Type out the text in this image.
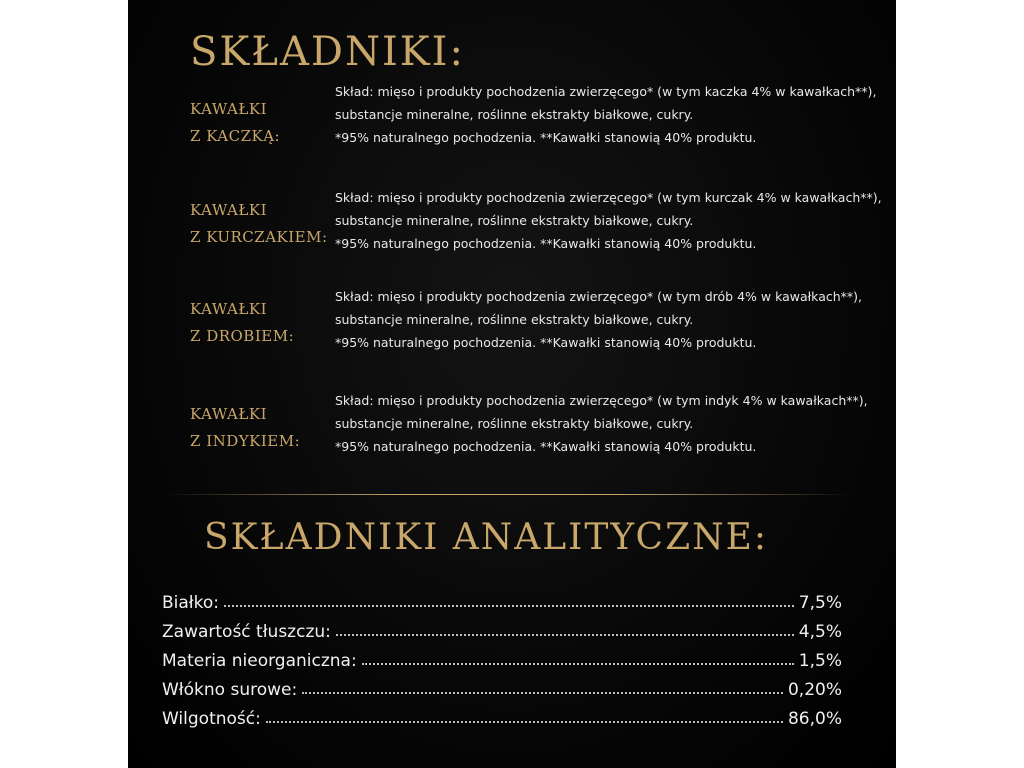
SKŁADNIKI:
KAWAŁKI
Z KACZKĄ:
Skład: mięso i produkty pochodzenia zwierzęcego* (w tym kaczka 4% w kawałkach**),
substancje mineralne, roślinne ekstrakty białkowe, cukry.
*95% naturalnego pochodzenia. **Kawałki stanowią 40% produktu.
KAWAŁKI
Z KURCZAKIEM:
Skład: mięso i produkty pochodzenia zwierzęcego* (w tym kurczak 4% w kawałkach**),
substancje mineralne, roślinne ekstrakty białkowe, cukry.
*95% naturalnego pochodzenia. **Kawałki stanowią 40% produktu.
KAWAŁKI
Z DROBIEM:
Skład: mięso i produkty pochodzenia zwierzęcego* (w tym drób 4% w kawałkach**),
substancje mineralne, roślinne ekstrakty białkowe, cukry.
*95% naturalnego pochodzenia. **Kawałki stanowią 40% produktu.
KAWAŁKI
Z INDYKIEM:
Skład: mięso i produkty pochodzenia zwierzęcego* (w tym indyk 4% w kawałkach**),
substancje mineralne, roślinne ekstrakty białkowe, cukry.
*95% naturalnego pochodzenia. **Kawałki stanowią 40% produktu.
SKŁADNIKI ANALITYCZNE:
Białko:	7,5%
Zawartość tłuszczu:	4,5%
Materia nieorganiczna:	1,5%
Włókno surowe:	0,20%
Wilgotność:	86,0%
